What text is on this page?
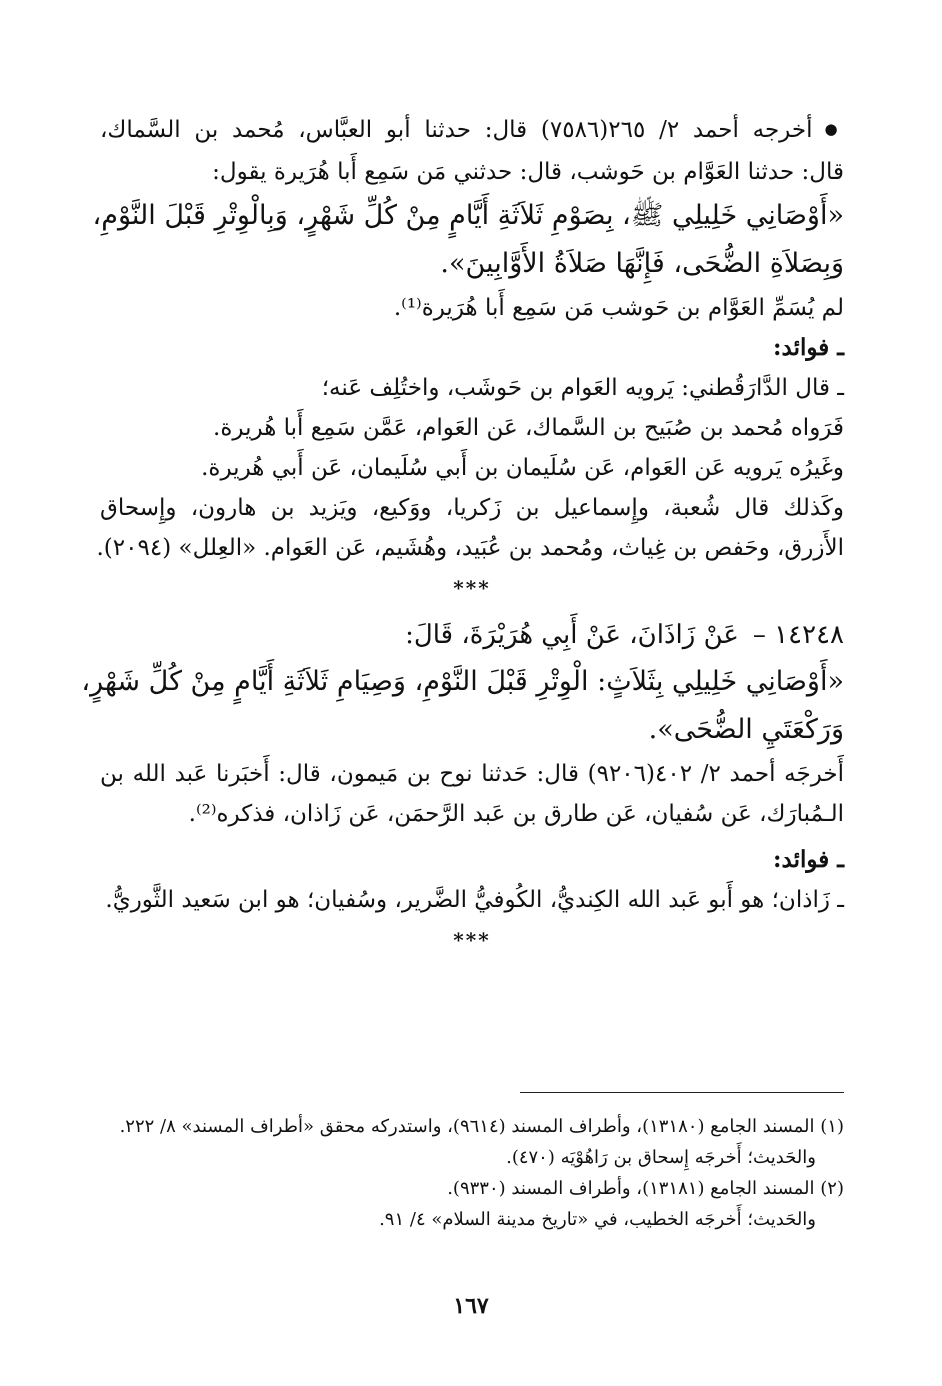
● أخرجه أحمد ٢/ ٢٦٥(٧٥٨٦) قال: حدثنا أبو العبَّاس، مُحمد بن السَّماك،

قال: حدثنا العَوَّام بن حَوشب، قال: حدثني مَن سَمِع أَبا هُرَيرة يقول:

«أَوْصَانِي خَلِيلِي ﷺ، بِصَوْمِ ثَلاَثَةِ أَيَّامٍ مِنْ كُلِّ شَهْرٍ، وَبِالْوِتْرِ قَبْلَ النَّوْمِ،

وَبِصَلاَةِ الضُّحَى، فَإِنَّهَا صَلاَةُ الأَوَّابِينَ».

لم يُسَمِّ العَوَّام بن حَوشب مَن سَمِع أَبا هُرَيرة⁽¹⁾.

ـ فوائد:

ـ قال الدَّارَقُطني: يَرويه العَوام بن حَوشَب، واختُلِف عَنه؛

فَرَواه مُحمد بن صُبَيح بن السَّماك، عَن العَوام، عَمَّن سَمِع أَبا هُريرة.

وغَيرُه يَرويه عَن العَوام، عَن سُلَيمان بن أَبي سُلَيمان، عَن أَبي هُريرة.

وكَذلك قال شُعبة، وإِسماعيل بن زَكريا، ووَكيع، ويَزيد بن هارون، وإِسحاق

الأَزرق، وحَفص بن غِياث، ومُحمد بن عُبَيد، وهُشَيم، عَن العَوام. «العِلل» (٢٠٩٤).

***

١٤٢٤٨ –عَنْ زَاذَانَ، عَنْ أَبِي هُرَيْرَةَ، قَالَ:

«أَوْصَانِي خَلِيلِي بِثَلاَثٍ: الْوِتْرِ قَبْلَ النَّوْمِ، وَصِيَامِ ثَلاَثَةِ أَيَّامٍ مِنْ كُلِّ شَهْرٍ،

وَرَكْعَتَيِ الضُّحَى».

أَخرجَه أحمد ٢/ ٤٠٢(٩٢٠٦) قال: حَدثنا نوح بن مَيمون، قال: أَخبَرنا عَبد الله بن

الـمُبارَك، عَن سُفيان، عَن طارق بن عَبد الرَّحمَن، عَن زَاذان، فذكره⁽²⁾.

ـ فوائد:

ـ زَاذان؛ هو أَبو عَبد الله الكِنديُّ، الكُوفيُّ الضَّرير، وسُفيان؛ هو ابن سَعيد الثَّوريُّ.

***

(١) المسند الجامع (١٣١٨٠)، وأطراف المسند (٩٦١٤)، واستدركه محقق «أطراف المسند» ٨/ ٢٢٢.

والحَديث؛ أَخرجَه إِسحاق بن رَاهُوْيَه (٤٧٠).

(٢) المسند الجامع (١٣١٨١)، وأطراف المسند (٩٣٣٠).

والحَديث؛ أَخرجَه الخطيب، في «تاريخ مدينة السلام» ٤/ ٩١.

١٦٧
